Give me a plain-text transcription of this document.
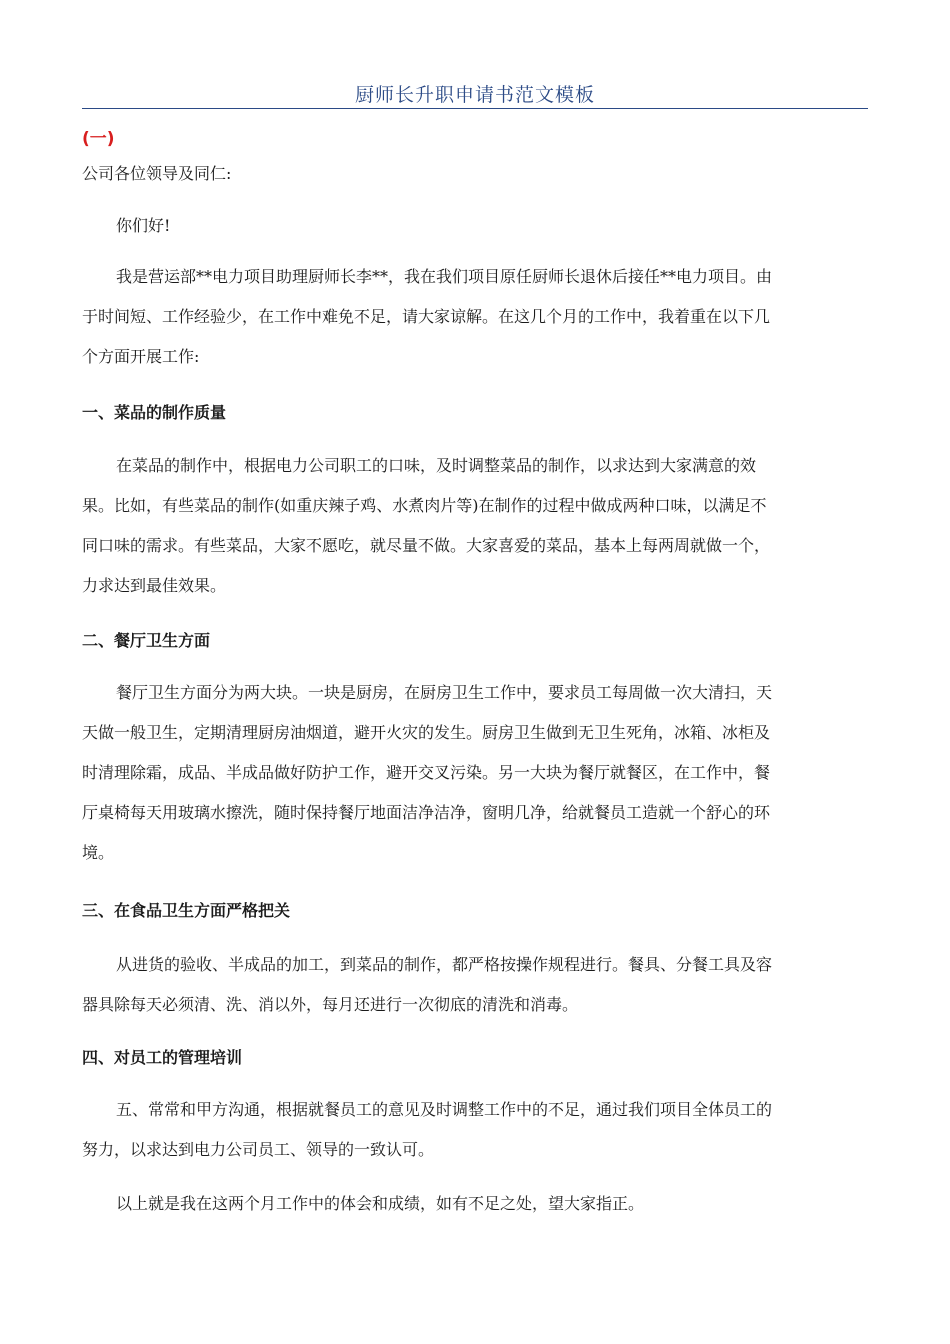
厨师长升职申请书范文模板
(一)
公司各位领导及同仁:
你们好!
我是营运部**电力项目助理厨师长李**，我在我们项目原任厨师长退休后接任**电力项目。由
于时间短、工作经验少，在工作中难免不足，请大家谅解。在这几个月的工作中，我着重在以下几
个方面开展工作:
一、菜品的制作质量
在菜品的制作中，根据电力公司职工的口味，及时调整菜品的制作，以求达到大家满意的效
果。比如，有些菜品的制作(如重庆辣子鸡、水煮肉片等)在制作的过程中做成两种口味，以满足不
同口味的需求。有些菜品，大家不愿吃，就尽量不做。大家喜爱的菜品，基本上每两周就做一个，
力求达到最佳效果。
二、餐厅卫生方面
餐厅卫生方面分为两大块。一块是厨房，在厨房卫生工作中，要求员工每周做一次大清扫，天
天做一般卫生，定期清理厨房油烟道，避开火灾的发生。厨房卫生做到无卫生死角，冰箱、冰柜及
时清理除霜，成品、半成品做好防护工作，避开交叉污染。另一大块为餐厅就餐区，在工作中，餐
厅桌椅每天用玻璃水擦洗，随时保持餐厅地面洁净洁净，窗明几净，给就餐员工造就一个舒心的环
境。
三、在食品卫生方面严格把关
从进货的验收、半成品的加工，到菜品的制作，都严格按操作规程进行。餐具、分餐工具及容
器具除每天必须清、洗、消以外，每月还进行一次彻底的清洗和消毒。
四、对员工的管理培训
五、常常和甲方沟通，根据就餐员工的意见及时调整工作中的不足，通过我们项目全体员工的
努力，以求达到电力公司员工、领导的一致认可。
以上就是我在这两个月工作中的体会和成绩，如有不足之处，望大家指正。
